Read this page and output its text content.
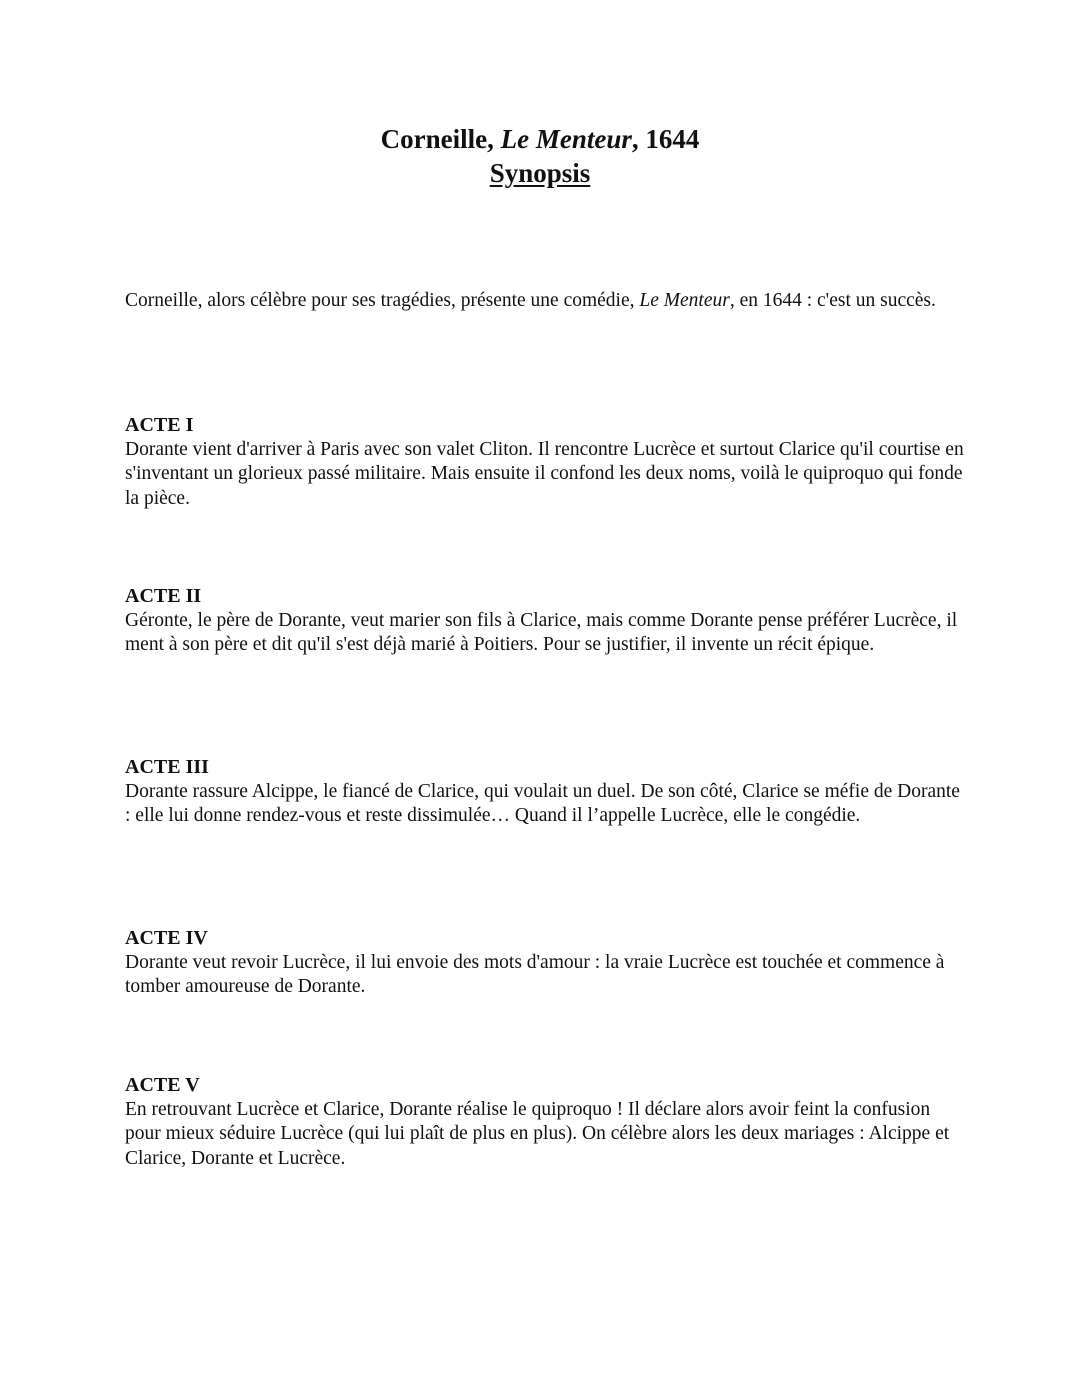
Corneille, Le Menteur, 1644

Synopsis

Corneille, alors célèbre pour ses tragédies, présente une comédie, Le Menteur, en 1644 : c'est un succès.

ACTE I

Dorante vient d'arriver à Paris avec son valet Cliton. Il rencontre Lucrèce et surtout Clarice qu'il courtise en s'inventant un glorieux passé militaire. Mais ensuite il confond les deux noms, voilà le quiproquo qui fonde la pièce.

ACTE II

Géronte, le père de Dorante, veut marier son fils à Clarice, mais comme Dorante pense préférer Lucrèce, il ment à son père et dit qu'il s'est déjà marié à Poitiers. Pour se justifier, il invente un récit épique.

ACTE III

Dorante rassure Alcippe, le fiancé de Clarice, qui voulait un duel. De son côté, Clarice se méfie de Dorante : elle lui donne rendez-vous et reste dissimulée… Quand il l’appelle Lucrèce, elle le congédie.

ACTE IV

Dorante veut revoir Lucrèce, il lui envoie des mots d'amour : la vraie Lucrèce est touchée et commence à tomber amoureuse de Dorante.

ACTE V

En retrouvant Lucrèce et Clarice, Dorante réalise le quiproquo ! Il déclare alors avoir feint la confusion pour mieux séduire Lucrèce (qui lui plaît de plus en plus). On célèbre alors les deux mariages : Alcippe et Clarice, Dorante et Lucrèce.
